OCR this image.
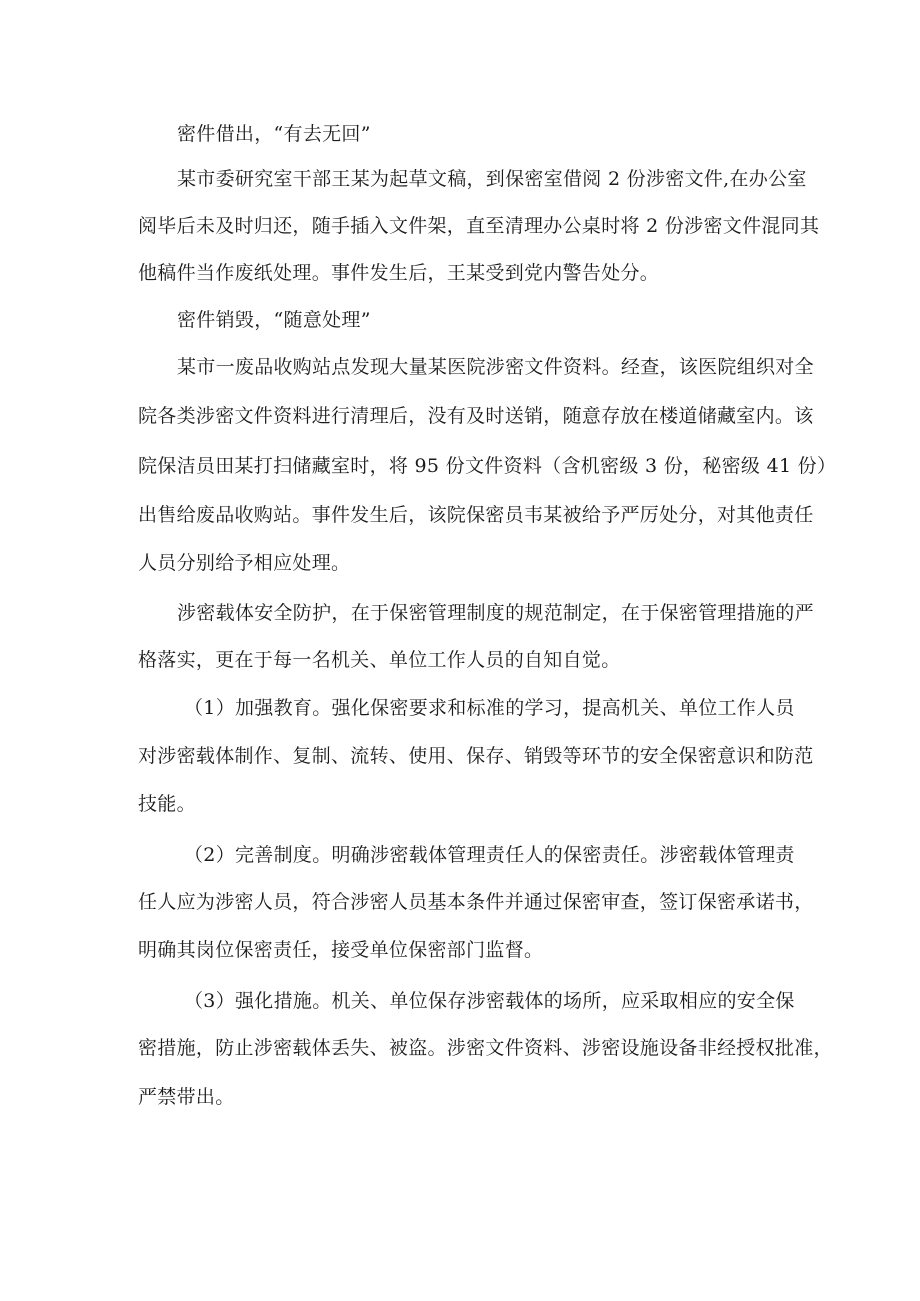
密件借出，“有去无回”
某市委研究室干部王某为起草文稿，到保密室借阅 2 份涉密文件,在办公室
阅毕后未及时归还，随手插入文件架，直至清理办公桌时将 2 份涉密文件混同其
他稿件当作废纸处理。事件发生后，王某受到党内警告处分。
密件销毁，“随意处理”
某市一废品收购站点发现大量某医院涉密文件资料。经查，该医院组织对全
院各类涉密文件资料进行清理后，没有及时送销，随意存放在楼道储藏室内。该
院保洁员田某打扫储藏室时，将 95 份文件资料（含机密级 3 份，秘密级 41 份）
出售给废品收购站。事件发生后，该院保密员韦某被给予严厉处分，对其他责任
人员分别给予相应处理。
涉密载体安全防护，在于保密管理制度的规范制定，在于保密管理措施的严
格落实，更在于每一名机关、单位工作人员的自知自觉。
（1）加强教育。强化保密要求和标准的学习，提高机关、单位工作人员
对涉密载体制作、复制、流转、使用、保存、销毁等环节的安全保密意识和防范
技能。
（2）完善制度。明确涉密载体管理责任人的保密责任。涉密载体管理责
任人应为涉密人员，符合涉密人员基本条件并通过保密审查，签订保密承诺书，
明确其岗位保密责任，接受单位保密部门监督。
（3）强化措施。机关、单位保存涉密载体的场所，应采取相应的安全保
密措施，防止涉密载体丢失、被盗。涉密文件资料、涉密设施设备非经授权批准，
严禁带出。
